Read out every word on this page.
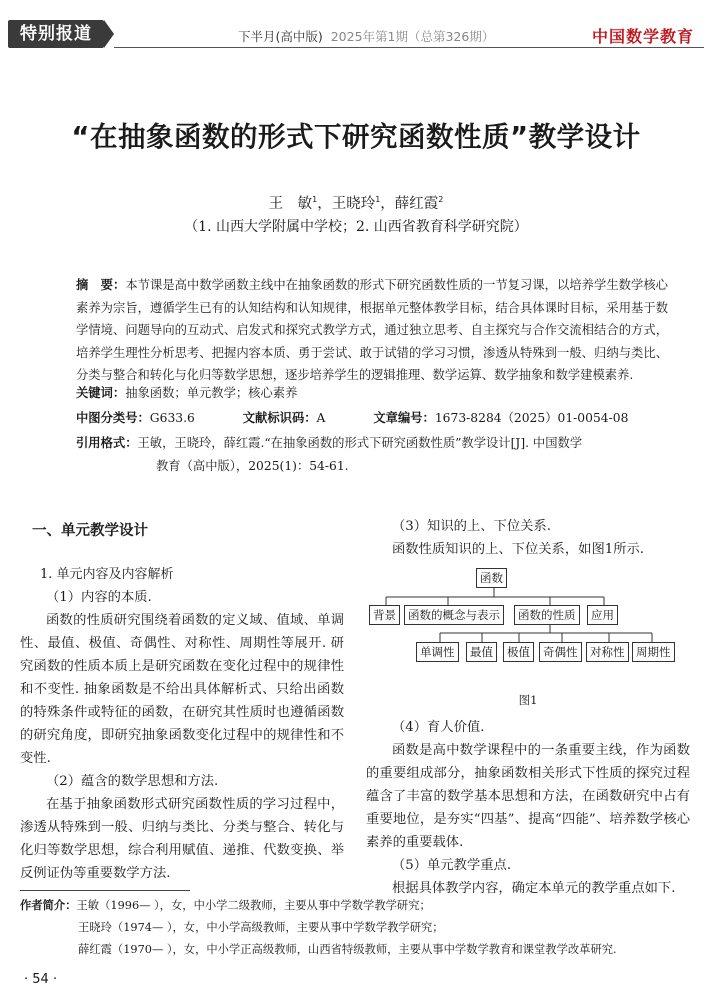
特别报道	下半月(高中版) 2025年第1期（总第326期）	中国数学教育
“在抽象函数的形式下研究函数性质”教学设计
王　敏$^1$，王晓玲$^1$，薛红霞$^2$
（1. 山西大学附属中学校；2. 山西省教育科学研究院）
摘　要：本节课是高中数学函数主线中在抽象函数的形式下研究函数性质的一节复习课，以培养学生数学核心素养为宗旨，遵循学生已有的认知结构和认知规律，根据单元整体教学目标，结合具体课时目标，采用基于数学情境、问题导向的互动式、启发式和探究式教学方式，通过独立思考、自主探究与合作交流相结合的方式，培养学生理性分析思考、把握内容本质、勇于尝试、敢于试错的学习习惯，渗透从特殊到一般、归纳与类比、分类与整合和转化与化归等数学思想，逐步培养学生的逻辑推理、数学运算、数学抽象和数学建模素养.
关键词：抽象函数；单元教学；核心素养
中图分类号：G633.6	文献标识码：A	文章编号：1673-8284（2025）01-0054-08
引用格式：王敏，王晓玲，薛红霞.“在抽象函数的形式下研究函数性质”教学设计[J]. 中国数学
教育（高中版），2025(1)：54-61.

一、单元教学设计

1. 单元内容及内容解析

（1）内容的本质.

函数的性质研究围绕着函数的定义域、值域、单调性、最值、极值、奇偶性、对称性、周期性等展开. 研究函数的性质本质上是研究函数在变化过程中的规律性和不变性. 抽象函数是不给出具体解析式、只给出函数的特殊条件或特征的函数，在研究其性质时也遵循函数的研究角度，即研究抽象函数变化过程中的规律性和不变性.

（2）蕴含的数学思想和方法.

在基于抽象函数形式研究函数性质的学习过程中，渗透从特殊到一般、归纳与类比、分类与整合、转化与化归等数学思想，综合利用赋值、递推、代数变换、举反例证伪等重要数学方法.

（3）知识的上、下位关系.

函数性质知识的上、下位关系，如图1所示.

函数
背景	函数的概念与表示	函数的性质	应用
单调性	最值	极值	奇偶性	对称性	周期性

图1

（4）育人价值.

函数是高中数学课程中的一条重要主线，作为函数的重要组成部分，抽象函数相关形式下性质的探究过程蕴含了丰富的数学基本思想和方法，在函数研究中占有重要地位，是夯实“四基”、提高“四能”、培养数学核心素养的重要载体.

（5）单元教学重点.

根据具体教学内容，确定本单元的教学重点如下.

作者简介：王敏（1996— ），女，中小学二级教师，主要从事中学数学教学研究；
王晓玲（1974— ），女，中小学高级教师，主要从事中学数学教学研究；
薛红霞（1970— ），女，中小学正高级教师，山西省特级教师，主要从事中学数学教育和课堂教学改革研究.
· 54 ·
